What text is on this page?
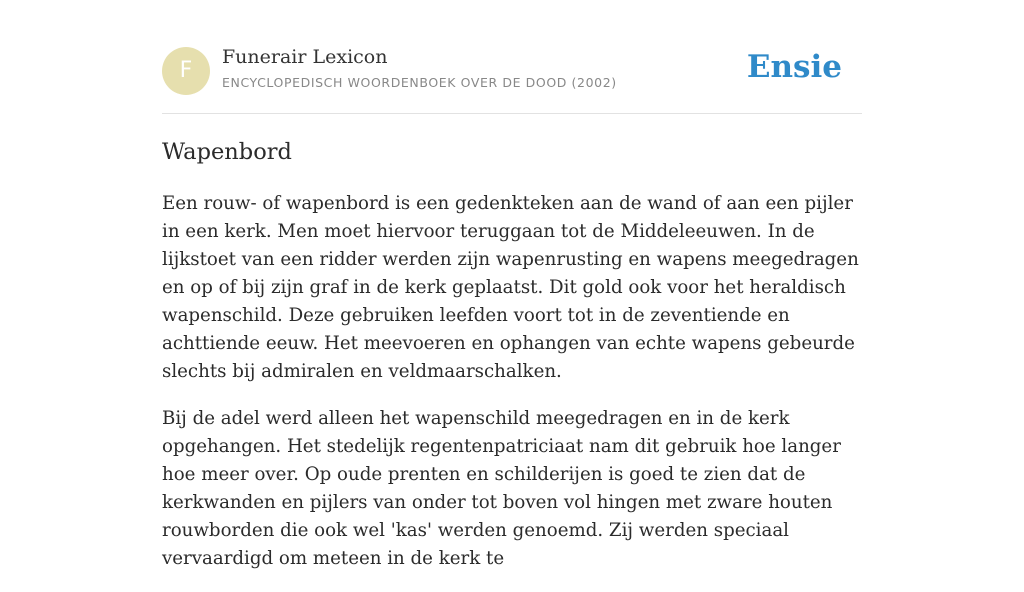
F
Funerair Lexicon
ENCYCLOPEDISCH WOORDENBOEK OVER DE DOOD (2002)	Ensie
Wapenbord

Een rouw- of wapenbord is een gedenkteken aan de wand of aan een pijler in een kerk. Men moet hiervoor teruggaan tot de Middeleeuwen. In de lijkstoet van een ridder werden zijn wapenrusting en wapens meegedragen en op of bij zijn graf in de kerk geplaatst. Dit gold ook voor het heraldisch wapenschild. Deze gebruiken leefden voort tot in de zeventiende en achttiende eeuw. Het meevoeren en ophangen van echte wapens gebeurde slechts bij admiralen en veldmaarschalken.

Bij de adel werd alleen het wapenschild meegedragen en in de kerk opgehangen. Het stedelijk regentenpatriciaat nam dit gebruik hoe langer hoe meer over. Op oude prenten en schilderijen is goed te zien dat de kerkwanden en pijlers van onder tot boven vol hingen met zware houten rouwborden die ook wel 'kas' werden genoemd. Zij werden speciaal vervaardigd om meteen in de kerk te
